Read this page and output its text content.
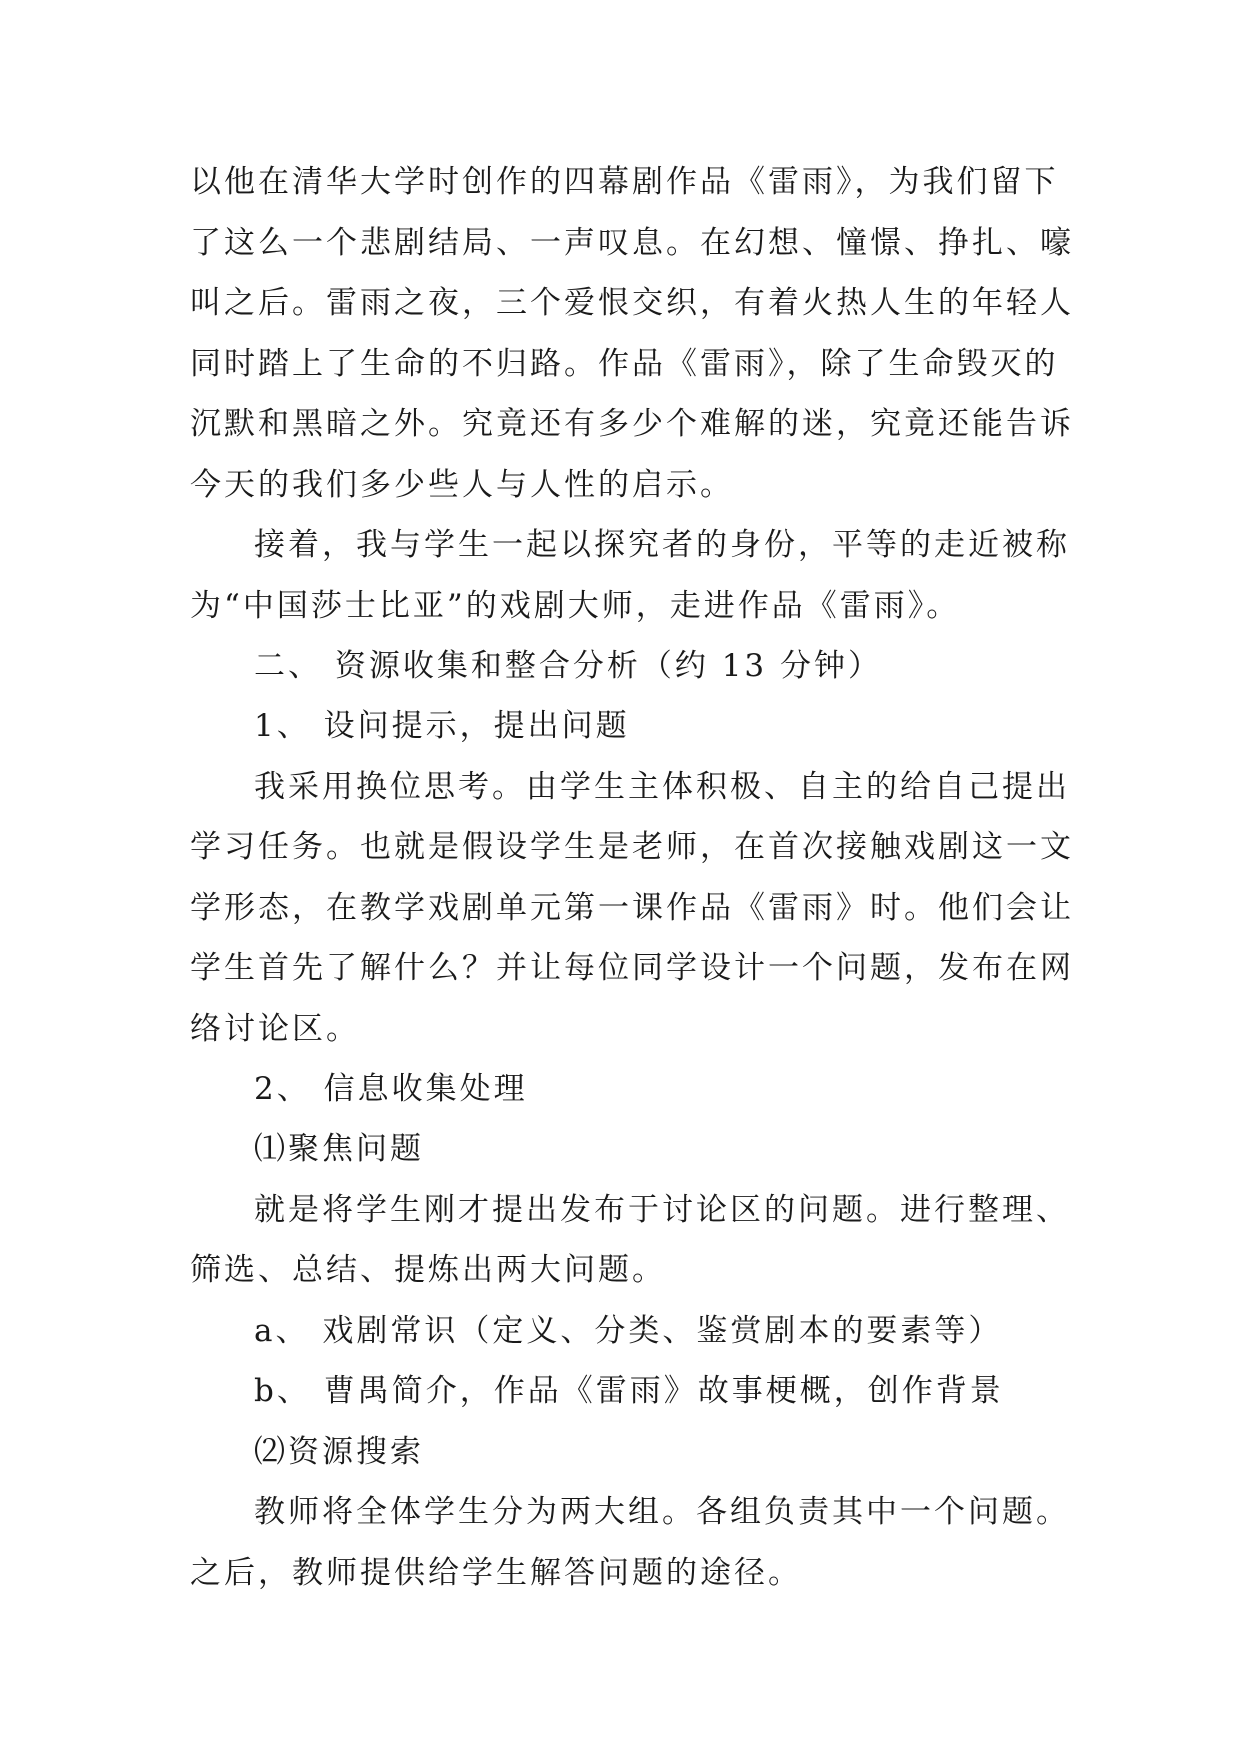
以他在清华大学时创作的四幕剧作品《雷雨》，为我们留下
了这么一个悲剧结局、一声叹息。在幻想、憧憬、挣扎、嚎
叫之后。雷雨之夜，三个爱恨交织，有着火热人生的年轻人
同时踏上了生命的不归路。作品《雷雨》，除了生命毁灭的
沉默和黑暗之外。究竟还有多少个难解的迷，究竟还能告诉
今天的我们多少些人与人性的启示。
接着，我与学生一起以探究者的身份，平等的走近被称
为“中国莎士比亚”的戏剧大师，走进作品《雷雨》。
二、 资源收集和整合分析（约 13 分钟）
1、 设问提示，提出问题
我采用换位思考。由学生主体积极、自主的给自己提出
学习任务。也就是假设学生是老师，在首次接触戏剧这一文
学形态，在教学戏剧单元第一课作品《雷雨》时。他们会让
学生首先了解什么？并让每位同学设计一个问题，发布在网
络讨论区。
2、 信息收集处理
⑴聚焦问题
就是将学生刚才提出发布于讨论区的问题。进行整理、
筛选、总结、提炼出两大问题。
a、 戏剧常识（定义、分类、鉴赏剧本的要素等）
b、 曹禺简介，作品《雷雨》故事梗概，创作背景
⑵资源搜索
教师将全体学生分为两大组。各组负责其中一个问题。
之后，教师提供给学生解答问题的途径。
